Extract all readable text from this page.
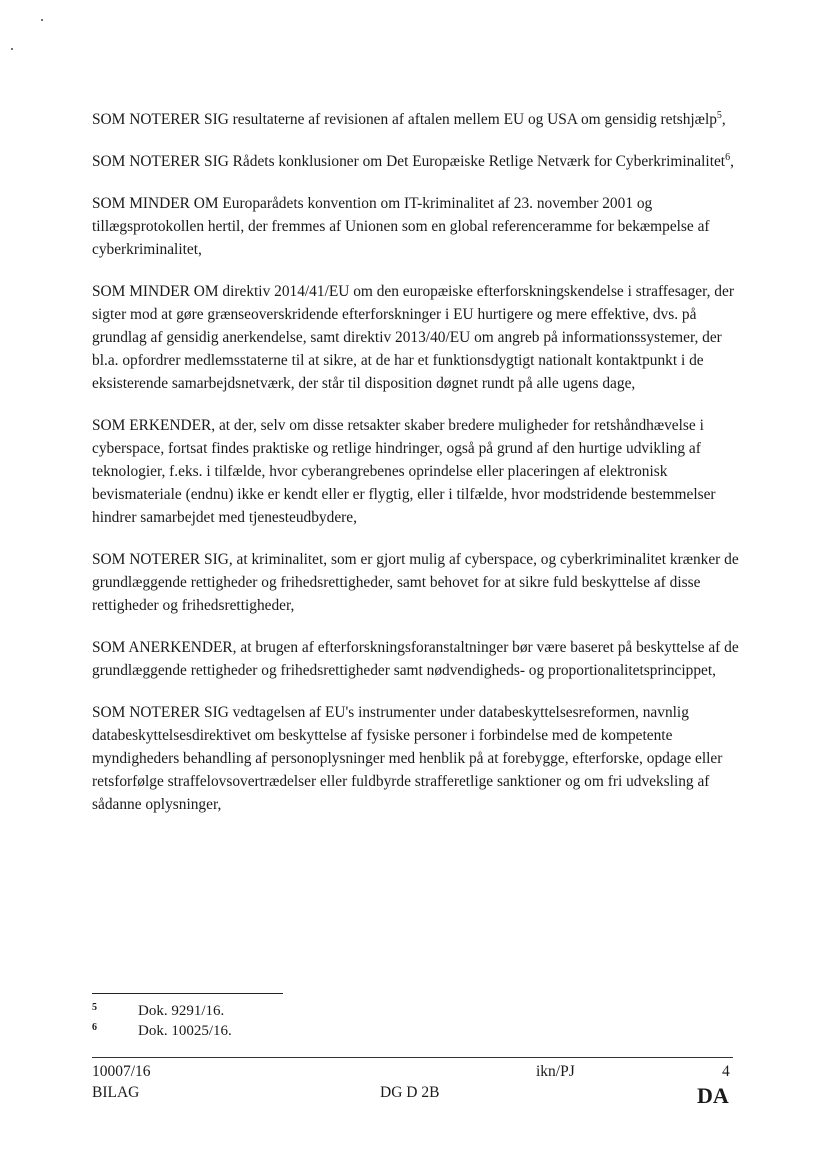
SOM NOTERER SIG resultaterne af revisionen af aftalen mellem EU og USA om gensidig retshjælp$^5$,

SOM NOTERER SIG Rådets konklusioner om Det Europæiske Retlige Netværk for Cyberkriminalitet$^6$,

SOM MINDER OM Europarådets konvention om IT-kriminalitet af 23. november 2001 og tillægsprotokollen hertil, der fremmes af Unionen som en global referenceramme for bekæmpelse af cyberkriminalitet,

SOM MINDER OM direktiv 2014/41/EU om den europæiske efterforskningskendelse i straffesager, der sigter mod at gøre grænseoverskridende efterforskninger i EU hurtigere og mere effektive, dvs. på grundlag af gensidig anerkendelse, samt direktiv 2013/40/EU om angreb på informationssystemer, der bl.a. opfordrer medlemsstaterne til at sikre, at de har et funktionsdygtigt nationalt kontaktpunkt i de eksisterende samarbejdsnetværk, der står til disposition døgnet rundt på alle ugens dage,

SOM ERKENDER, at der, selv om disse retsakter skaber bredere muligheder for retshåndhævelse i cyberspace, fortsat findes praktiske og retlige hindringer, også på grund af den hurtige udvikling af teknologier, f.eks. i tilfælde, hvor cyberangrebenes oprindelse eller placeringen af elektronisk bevismateriale (endnu) ikke er kendt eller er flygtig, eller i tilfælde, hvor modstridende bestemmelser hindrer samarbejdet med tjenesteudbydere,

SOM NOTERER SIG, at kriminalitet, som er gjort mulig af cyberspace, og cyberkriminalitet krænker de grundlæggende rettigheder og frihedsrettigheder, samt behovet for at sikre fuld beskyttelse af disse rettigheder og frihedsrettigheder,

SOM ANERKENDER, at brugen af efterforskningsforanstaltninger bør være baseret på beskyttelse af de grundlæggende rettigheder og frihedsrettigheder samt nødvendigheds- og proportionalitetsprincippet,

SOM NOTERER SIG vedtagelsen af EU's instrumenter under databeskyttelsesreformen, navnlig databeskyttelsesdirektivet om beskyttelse af fysiske personer i forbindelse med de kompetente myndigheders behandling af personoplysninger med henblik på at forebygge, efterforske, opdage eller retsforfølge straffelovsovertrædelser eller fuldbyrde strafferetlige sanktioner og om fri udveksling af sådanne oplysninger,

5	Dok. 9291/16.
6	Dok. 10025/16.
10007/16
BILAG
ikn/PJ	4
DG D 2B	DA
